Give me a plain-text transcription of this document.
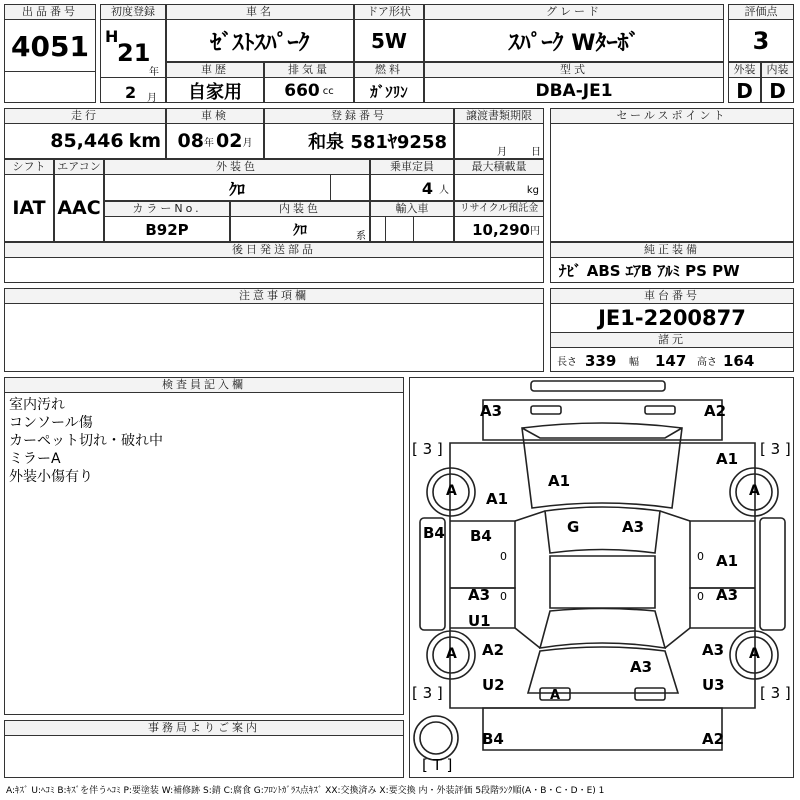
出品番号
4051
初度登録
H
21
年
2 月
車名
ｾﾞｽﾄｽﾊﾟｰｸ
ドア形状
5W
グレード
ｽﾊﾟｰｸ Wﾀｰﾎﾞ
評価点
3
車歴
自家用
排気量
660 cc
燃料
ｶﾞｿﾘﾝ
型式
DBA-JE1
外装
D
内装
D
走行
85,446 km
車検
08 年 02 月
登録番号
和泉 581ﾔ9258
譲渡書類期限
月 日
セールスポイント
シフト
IAT
エアコン
AAC
外装色
ｸﾛ
乗車定員
4 人
最大積載量
kg
カラーNo.
B92P
内装色
ｸﾛ	系
輸入車	リサイクル預託金
10,290 円
後日発送部品	純正装備
ﾅﾋﾞ ABS ｴｱB ｱﾙﾐ PS PW
注意事項欄	車台番号
JE1-2200877
諸元
長さ 339	幅 147	高さ 164
検査員記入欄
室内汚れ
コンソール傷
カーペット切れ・破れ中
ミラーA
外装小傷有り
事務局よりご案内
A3	A2
[ 3 ]	[ 3 ]
A1
A	A
A1
A1
G	A3
B4 B4
0	0 A1
A3	A3
U1
0	0
A A2
A3
A3 A
[ 3 ]	[ 3 ]
U2	U3
A
B4	A2
[ T ]
A:ｷｽﾞ U:ﾍｺﾐ B:ｷｽﾞを伴うﾍｺﾐ P:要塗装 W:補修跡 S:錆 C:腐食 G:ﾌﾛﾝﾄｶﾞﾗｽ点ｷｽﾞ XX:交換済み X:要交換 内・外装評価 5段階ﾗﾝｸ順(A・B・C・D・E) 1
